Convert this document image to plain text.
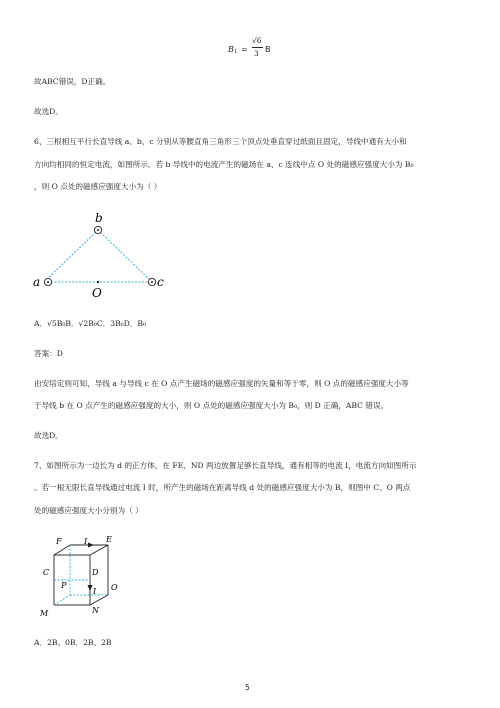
B 1 =
√6
3 B
故ABC错误，D正确。
故选D。
6、三根相互平行长直导线 a、b、c 分别从等腰直角三角形三个顶点处垂直穿过纸面且固定，导线中通有大小和
方向均相同的恒定电流，如图所示。若 b 导线中的电流产生的磁场在 a、c 连线中点 O 处的磁感应强度大小为 B₀
，则 O 点处的磁感应强度大小为（ ）
b
a	c
O
A．√5B₀B．√2B₀C．3B₀D．B₀
答案：D
由安培定则可知，导线 a 与导线 c 在 O 点产生磁场的磁感应强度的矢量和等于零，则 O 点的磁感应强度大小等
于导线 b 在 O 点产生的磁感应强度的大小，则 O 点处的磁感应强度大小为 B₀，则 D 正确，ABC 错误。
故选D。
7、如图所示为一边长为 d 的正方体，在 FE、ND 两边放置足够长直导线，通有相等的电流 I，电流方向如图所示
。若一根无限长直导线通过电流 I 时，所产生的磁场在距离导线 d 处的磁感应强度大小为 B，则图中 C、O 两点
处的磁感应强度大小分别为（ ）
F	I E
C	D
P	O
I
M	N
A．2B、0B．2B、2B
5
